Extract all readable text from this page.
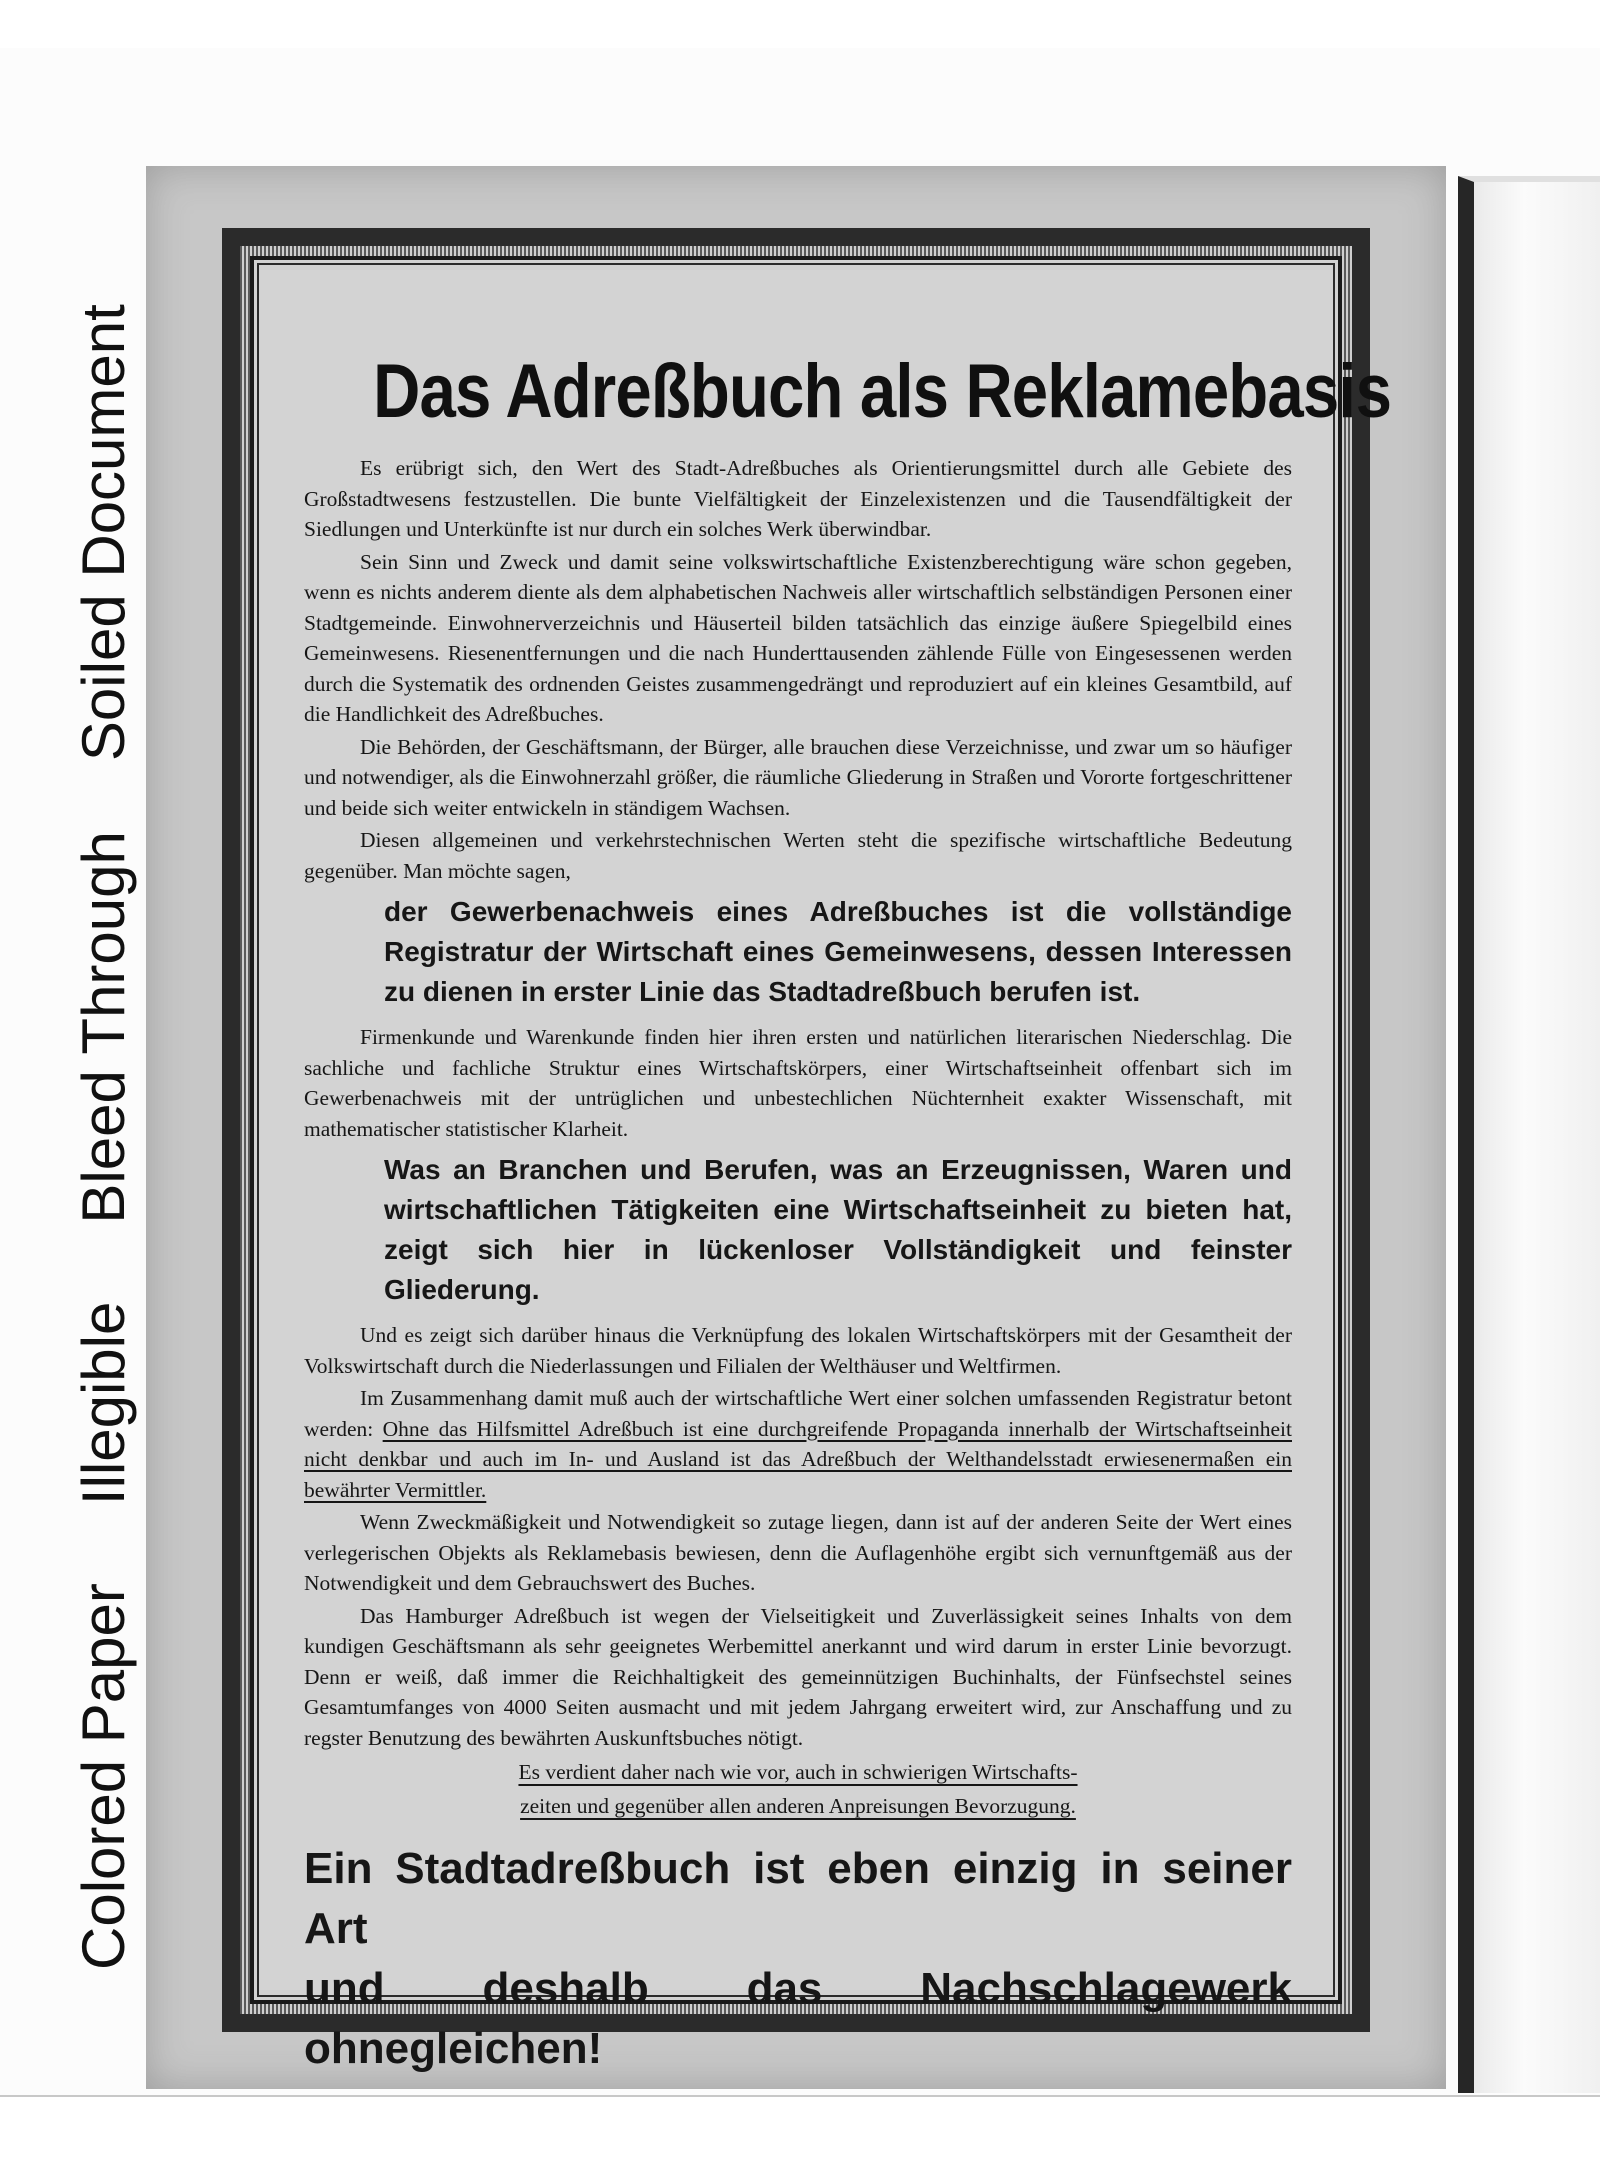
Colored Paper
Illegible
Bleed Through
Soiled Document	Das Adreßbuch als Reklamebasis

Es erübrigt sich, den Wert des Stadt-Adreßbuches als Orientierungsmittel durch alle Gebiete des Großstadtwesens festzustellen. Die bunte Vielfältigkeit der Einzelexistenzen und die Tausendfältigkeit der Siedlungen und Unterkünfte ist nur durch ein solches Werk überwindbar.

Sein Sinn und Zweck und damit seine volkswirtschaftliche Existenzberechtigung wäre schon gegeben, wenn es nichts anderem diente als dem alphabetischen Nachweis aller wirtschaftlich selbständigen Personen einer Stadtgemeinde. Einwohnerverzeichnis und Häuserteil bilden tatsächlich das einzige äußere Spiegelbild eines Gemeinwesens. Riesenentfernungen und die nach Hunderttausenden zählende Fülle von Eingesessenen werden durch die Systematik des ordnenden Geistes zusammengedrängt und reproduziert auf ein kleines Gesamtbild, auf die Handlichkeit des Adreßbuches.

Die Behörden, der Geschäftsmann, der Bürger, alle brauchen diese Verzeichnisse, und zwar um so häufiger und notwendiger, als die Einwohnerzahl größer, die räumliche Gliederung in Straßen und Vororte fortgeschrittener und beide sich weiter entwickeln in ständigem Wachsen.

Diesen allgemeinen und verkehrstechnischen Werten steht die spezifische wirtschaftliche Bedeutung gegenüber. Man möchte sagen,

der Gewerbenachweis eines Adreßbuches ist die vollständige Registratur der Wirtschaft eines Gemeinwesens, dessen Interessen zu dienen in erster Linie das Stadtadreßbuch berufen ist.

Firmenkunde und Warenkunde finden hier ihren ersten und natürlichen literarischen Niederschlag. Die sachliche und fachliche Struktur eines Wirtschaftskörpers, einer Wirtschaftseinheit offenbart sich im Gewerbenachweis mit der untrüglichen und unbestechlichen Nüchternheit exakter Wissenschaft, mit mathematischer statistischer Klarheit.

Was an Branchen und Berufen, was an Erzeugnissen, Waren und wirtschaftlichen Tätigkeiten eine Wirtschaftseinheit zu bieten hat, zeigt sich hier in lückenloser Vollständigkeit und feinster Gliederung.

Und es zeigt sich darüber hinaus die Verknüpfung des lokalen Wirtschaftskörpers mit der Gesamtheit der Volkswirtschaft durch die Niederlassungen und Filialen der Welthäuser und Weltfirmen.

Im Zusammenhang damit muß auch der wirtschaftliche Wert einer solchen umfassenden Registratur betont werden: Ohne das Hilfsmittel Adreßbuch ist eine durchgreifende Propaganda innerhalb der Wirtschaftseinheit nicht denkbar und auch im In- und Ausland ist das Adreßbuch der Welthandelsstadt erwiesenermaßen ein bewährter Vermittler.

Wenn Zweckmäßigkeit und Notwendigkeit so zutage liegen, dann ist auf der anderen Seite der Wert eines verlegerischen Objekts als Reklamebasis bewiesen, denn die Auflagenhöhe ergibt sich vernunftgemäß aus der Notwendigkeit und dem Gebrauchswert des Buches.

Das Hamburger Adreßbuch ist wegen der Vielseitigkeit und Zuverlässigkeit seines Inhalts von dem kundigen Geschäftsmann als sehr geeignetes Werbemittel anerkannt und wird darum in erster Linie bevorzugt. Denn er weiß, daß immer die Reichhaltigkeit des gemeinnützigen Buchinhalts, der Fünfsechstel seines Gesamtumfanges von 4000 Seiten ausmacht und mit jedem Jahrgang erweitert wird, zur Anschaffung und zu regster Benutzung des bewährten Auskunftsbuches nötigt.

Es verdient daher nach wie vor, auch in schwierigen Wirtschafts-
zeiten und gegenüber allen anderen Anpreisungen Bevorzugung.
Ein Stadtadreßbuch ist eben einzig in seiner Art
und deshalb das Nachschlagewerk ohnegleichen!
